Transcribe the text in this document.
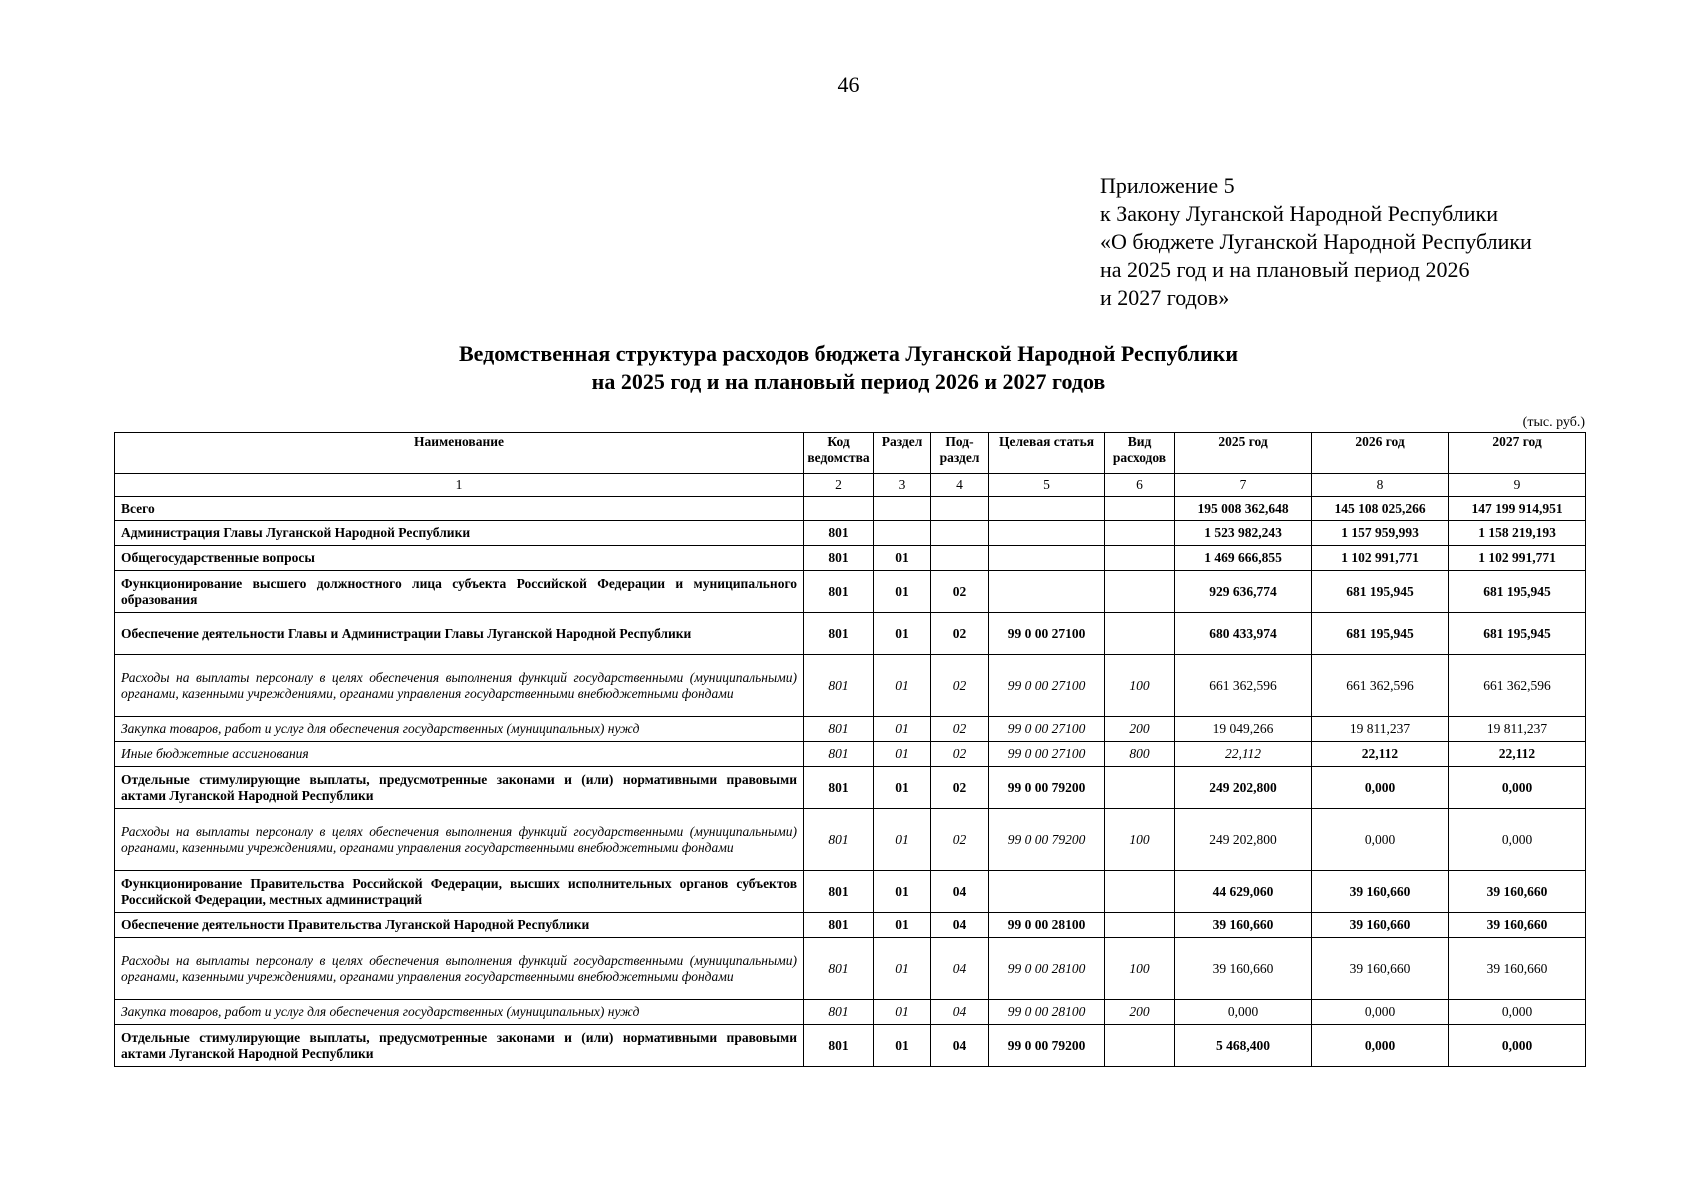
46
Приложение 5
к Закону Луганской Народной Республики
«О бюджете Луганской Народной Республики
на 2025 год и на плановый период 2026
и 2027 годов»
Ведомственная структура расходов бюджета Луганской Народной Республики
на 2025 год и на плановый период 2026 и 2027 годов
(тыс. руб.)
Наименование	Код ведомства	Раздел	Под-раздел	Целевая статья	Вид расходов	2025 год	2026 год	2027 год
1	2	3	4	5	6	7	8	9
Всего						195 008 362,648	145 108 025,266	147 199 914,951
Администрация Главы Луганской Народной Республики	801					1 523 982,243	1 157 959,993	1 158 219,193
Общегосударственные вопросы	801	01				1 469 666,855	1 102 991,771	1 102 991,771
Функционирование высшего должностного лица субъекта Российской Федерации и муниципального образования	801	01	02			929 636,774	681 195,945	681 195,945
Обеспечение деятельности Главы и Администрации Главы Луганской Народной Республики	801	01	02	99 0 00 27100		680 433,974	681 195,945	681 195,945
Расходы на выплаты персоналу в целях обеспечения выполнения функций государственными (муниципальными) органами, казенными учреждениями, органами управления государственными внебюджетными фондами	801	01	02	99 0 00 27100	100	661 362,596	661 362,596	661 362,596
Закупка товаров, работ и услуг для обеспечения государственных (муниципальных) нужд	801	01	02	99 0 00 27100	200	19 049,266	19 811,237	19 811,237
Иные бюджетные ассигнования	801	01	02	99 0 00 27100	800	22,112	22,112	22,112
Отдельные стимулирующие выплаты, предусмотренные законами и (или) нормативными правовыми актами Луганской Народной Республики	801	01	02	99 0 00 79200		249 202,800	0,000	0,000
Расходы на выплаты персоналу в целях обеспечения выполнения функций государственными (муниципальными) органами, казенными учреждениями, органами управления государственными внебюджетными фондами	801	01	02	99 0 00 79200	100	249 202,800	0,000	0,000
Функционирование Правительства Российской Федерации, высших исполнительных органов субъектов Российской Федерации, местных администраций	801	01	04			44 629,060	39 160,660	39 160,660
Обеспечение деятельности Правительства Луганской Народной Республики	801	01	04	99 0 00 28100		39 160,660	39 160,660	39 160,660
Расходы на выплаты персоналу в целях обеспечения выполнения функций государственными (муниципальными) органами, казенными учреждениями, органами управления государственными внебюджетными фондами	801	01	04	99 0 00 28100	100	39 160,660	39 160,660	39 160,660
Закупка товаров, работ и услуг для обеспечения государственных (муниципальных) нужд	801	01	04	99 0 00 28100	200	0,000	0,000	0,000
Отдельные стимулирующие выплаты, предусмотренные законами и (или) нормативными правовыми актами Луганской Народной Республики	801	01	04	99 0 00 79200		5 468,400	0,000	0,000
